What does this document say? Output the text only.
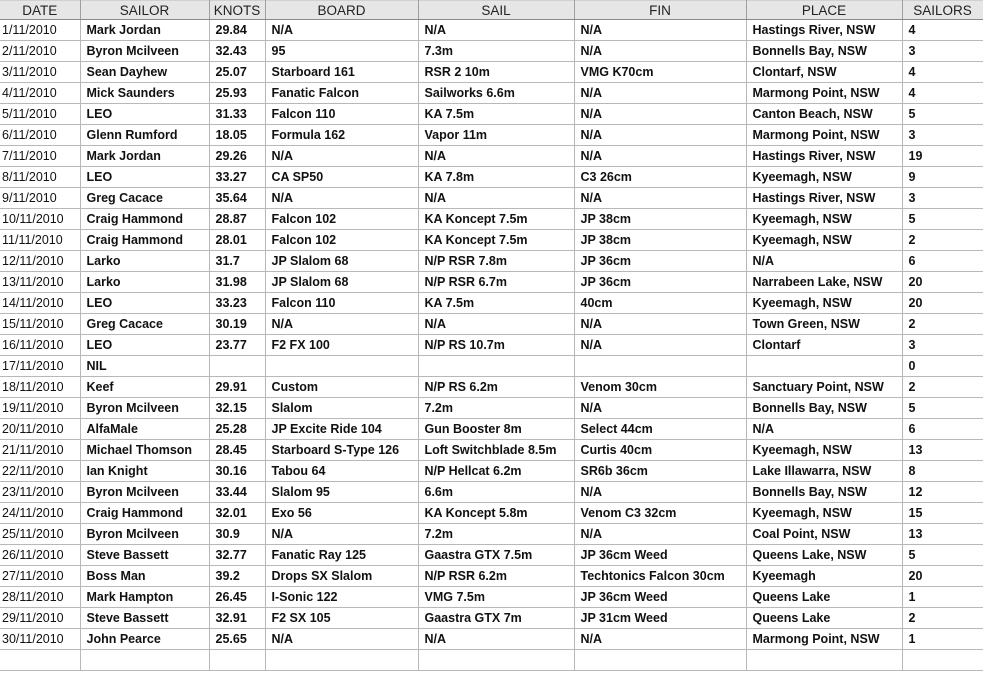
DATE	SAILOR	KNOTS	BOARD	SAIL	FIN	PLACE	SAILORS
1/11/2010	Mark Jordan	29.84	N/A	N/A	N/A	Hastings River, NSW	4
2/11/2010	Byron Mcilveen	32.43	95	7.3m	N/A	Bonnells Bay, NSW	3
3/11/2010	Sean Dayhew	25.07	Starboard 161	RSR 2 10m	VMG K70cm	Clontarf, NSW	4
4/11/2010	Mick Saunders	25.93	Fanatic Falcon	Sailworks 6.6m	N/A	Marmong Point, NSW	4
5/11/2010	LEO	31.33	Falcon 110	KA 7.5m	N/A	Canton Beach, NSW	5
6/11/2010	Glenn Rumford	18.05	Formula 162	Vapor 11m	N/A	Marmong Point, NSW	3
7/11/2010	Mark Jordan	29.26	N/A	N/A	N/A	Hastings River, NSW	19
8/11/2010	LEO	33.27	CA SP50	KA 7.8m	C3 26cm	Kyeemagh, NSW	9
9/11/2010	Greg Cacace	35.64	N/A	N/A	N/A	Hastings River, NSW	3
10/11/2010	Craig Hammond	28.87	Falcon 102	KA Koncept 7.5m	JP 38cm	Kyeemagh, NSW	5
11/11/2010	Craig Hammond	28.01	Falcon 102	KA Koncept 7.5m	JP 38cm	Kyeemagh, NSW	2
12/11/2010	Larko	31.7	JP Slalom 68	N/P RSR 7.8m	JP 36cm	N/A	6
13/11/2010	Larko	31.98	JP Slalom 68	N/P RSR 6.7m	JP 36cm	Narrabeen Lake, NSW	20
14/11/2010	LEO	33.23	Falcon 110	KA 7.5m	40cm	Kyeemagh, NSW	20
15/11/2010	Greg Cacace	30.19	N/A	N/A	N/A	Town Green, NSW	2
16/11/2010	LEO	23.77	F2 FX 100	N/P RS 10.7m	N/A	Clontarf	3
17/11/2010	NIL						0
18/11/2010	Keef	29.91	Custom	N/P RS 6.2m	Venom 30cm	Sanctuary Point, NSW	2
19/11/2010	Byron Mcilveen	32.15	Slalom	7.2m	N/A	Bonnells Bay, NSW	5
20/11/2010	AlfaMale	25.28	JP Excite Ride 104	Gun Booster 8m	Select 44cm	N/A	6
21/11/2010	Michael Thomson	28.45	Starboard S-Type 126	Loft Switchblade 8.5m	Curtis 40cm	Kyeemagh, NSW	13
22/11/2010	Ian Knight	30.16	Tabou 64	N/P Hellcat 6.2m	SR6b 36cm	Lake Illawarra, NSW	8
23/11/2010	Byron Mcilveen	33.44	Slalom 95	6.6m	N/A	Bonnells Bay, NSW	12
24/11/2010	Craig Hammond	32.01	Exo 56	KA Koncept 5.8m	Venom C3 32cm	Kyeemagh, NSW	15
25/11/2010	Byron Mcilveen	30.9	N/A	7.2m	N/A	Coal Point, NSW	13
26/11/2010	Steve Bassett	32.77	Fanatic Ray 125	Gaastra GTX 7.5m	JP 36cm Weed	Queens Lake, NSW	5
27/11/2010	Boss Man	39.2	Drops SX Slalom	N/P RSR 6.2m	Techtonics Falcon 30cm	Kyeemagh	20
28/11/2010	Mark Hampton	26.45	I-Sonic 122	VMG 7.5m	JP 36cm Weed	Queens Lake	1
29/11/2010	Steve Bassett	32.91	F2 SX 105	Gaastra GTX 7m	JP 31cm Weed	Queens Lake	2
30/11/2010	John Pearce	25.65	N/A	N/A	N/A	Marmong Point, NSW	1
